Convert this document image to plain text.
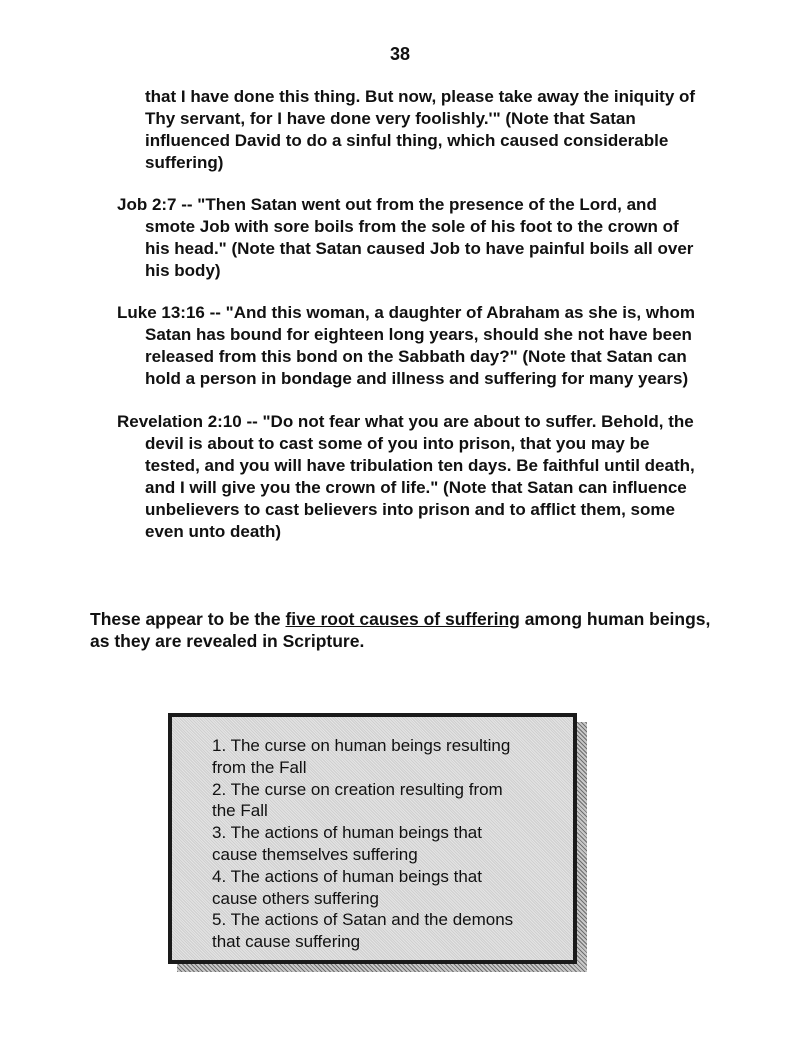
38
that I have done this thing. But now, please take away the iniquity of
Thy servant, for I have done very foolishly.'" (Note that Satan
influenced David to do a sinful thing, which caused considerable
suffering)
Job 2:7 -- "Then Satan went out from the presence of the Lord, and
smote Job with sore boils from the sole of his foot to the crown of
his head." (Note that Satan caused Job to have painful boils all over
his body)
Luke 13:16 -- "And this woman, a daughter of Abraham as she is, whom
Satan has bound for eighteen long years, should she not have been
released from this bond on the Sabbath day?" (Note that Satan can
hold a person in bondage and illness and suffering for many years)
Revelation 2:10 -- "Do not fear what you are about to suffer. Behold, the
devil is about to cast some of you into prison, that you may be
tested, and you will have tribulation ten days. Be faithful until death,
and I will give you the crown of life." (Note that Satan can influence
unbelievers to cast believers into prison and to afflict them, some
even unto death)
These appear to be the five root causes of suffering among human beings,
as they are revealed in Scripture.
1. The curse on human beings resulting
from the Fall
2. The curse on creation resulting from
the Fall
3. The actions of human beings that
cause themselves suffering
4. The actions of human beings that
cause others suffering
5. The actions of Satan and the demons
that cause suffering
